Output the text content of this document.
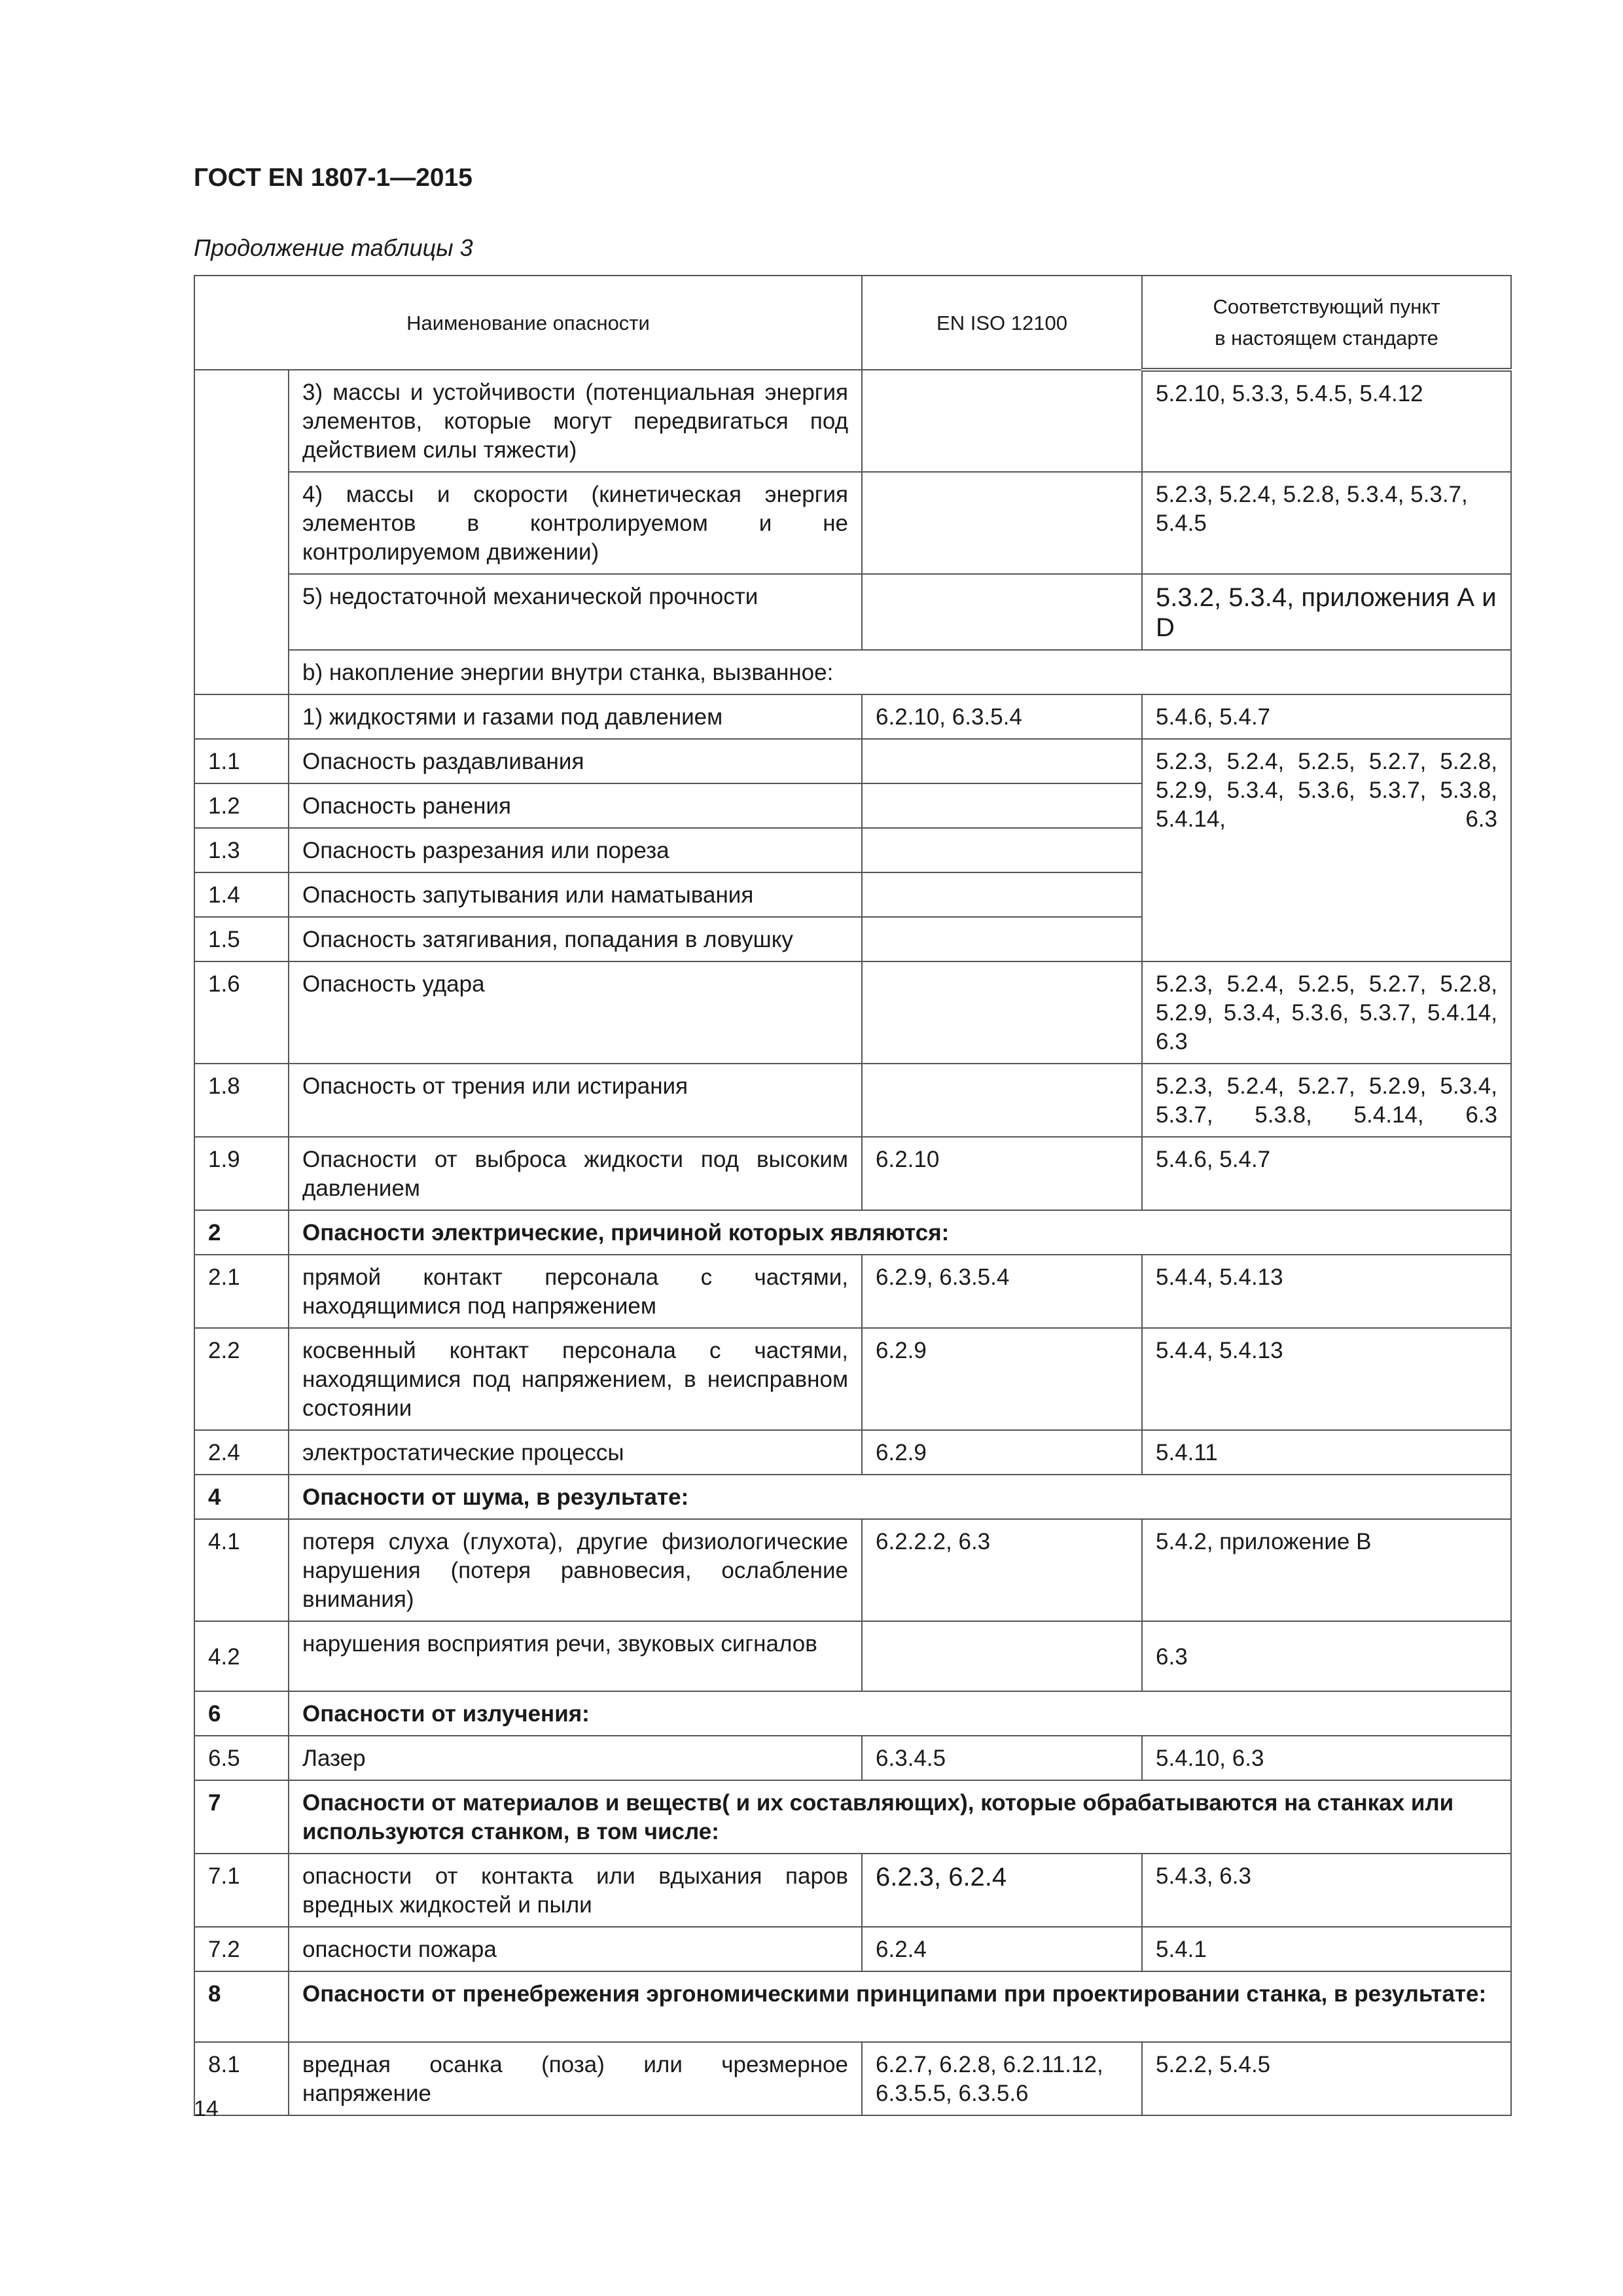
ГОСТ EN 1807-1—2015
Продолжение таблицы 3
Наименование опасности		EN ISO 12100	Соответствующий пункт
в настоящем стандарте
	3) массы и устойчивости (потенциальная энергия элементов, которые могут передвигаться под действием силы тяжести)		5.2.10, 5.3.3, 5.4.5, 5.4.12
	4) массы и скорости (кинетическая энергия элементов в контролируемом и не контролируемом движении)		5.2.3, 5.2.4, 5.2.8, 5.3.4, 5.3.7, 5.4.5
	5) недостаточной механической прочности		5.3.2, 5.3.4, приложения А и D
	b) накопление энергии внутри станка, вызванное:		
	1) жидкостями и газами под давлением	6.2.10, 6.3.5.4	5.4.6, 5.4.7
1.1	Опасность раздавливания		5.2.3, 5.2.4, 5.2.5, 5.2.7, 5.2.8, 5.2.9, 5.3.4, 5.3.6, 5.3.7, 5.3.8, 5.4.14, 6.3
1.2	Опасность ранения		
1.3	Опасность разрезания или пореза		
1.4	Опасность запутывания или наматывания		
1.5	Опасность затягивания, попадания в ловушку		
1.6	Опасность удара		5.2.3, 5.2.4, 5.2.5, 5.2.7, 5.2.8, 5.2.9, 5.3.4, 5.3.6, 5.3.7, 5.4.14, 6.3
1.8	Опасность от трения или истирания		5.2.3, 5.2.4, 5.2.7, 5.2.9, 5.3.4, 5.3.7, 5.3.8, 5.4.14, 6.3
1.9	Опасности от выброса жидкости под высоким давлением	6.2.10	5.4.6, 5.4.7
2	Опасности электрические, причиной которых являются:		
2.1	прямой контакт персонала с частями, находящимися под напряжением	6.2.9, 6.3.5.4	5.4.4, 5.4.13
2.2	косвенный контакт персонала с частями, находящимися под напряжением, в неисправном состоянии	6.2.9	5.4.4, 5.4.13
2.4	электростатические процессы	6.2.9	5.4.11
4	Опасности от шума, в результате:		
4.1	потеря слуха (глухота), другие физиологические нарушения (потеря равновесия, ослабление внимания)	6.2.2.2, 6.3	5.4.2, приложение В
4.2	нарушения восприятия речи, звуковых сигналов		6.3
6	Опасности от излучения:		
6.5	Лазер	6.3.4.5	5.4.10, 6.3
7	Опасности от материалов и веществ( и их составляющих), которые обрабатываются на станках или используются станком, в том числе:		
7.1	опасности от контакта или вдыхания паров вредных жидкостей и пыли	6.2.3, 6.2.4	5.4.3, 6.3
7.2	опасности пожара	6.2.4	5.4.1
8	Опасности от пренебрежения эргономическими принципами при проектировании станка, в результате:		
8.1	вредная осанка (поза) или чрезмерное напряжение	6.2.7, 6.2.8, 6.2.11.12, 6.3.5.5, 6.3.5.6	5.2.2, 5.4.5
14
